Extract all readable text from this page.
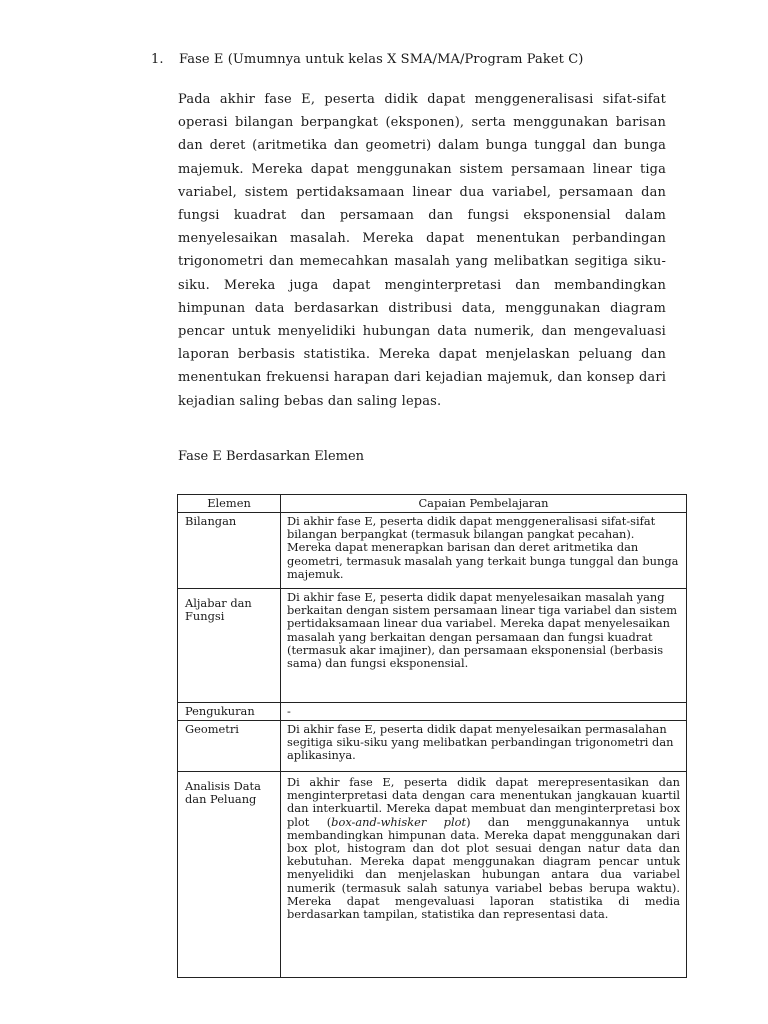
1. Fase E (Umumnya untuk kelas X SMA/MA/Program Paket C)
Pada akhir fase E, peserta didik dapat menggeneralisasi sifat-sifat operasi bilangan berpangkat (eksponen), serta menggunakan barisan dan deret (aritmetika dan geometri) dalam bunga tunggal dan bunga majemuk. Mereka dapat menggunakan sistem persamaan linear tiga variabel, sistem pertidaksamaan linear dua variabel, persamaan dan fungsi kuadrat dan persamaan dan fungsi eksponensial dalam menyelesaikan masalah. Mereka dapat menentukan perbandingan trigonometri dan memecahkan masalah yang melibatkan segitiga siku-siku. Mereka juga dapat menginterpretasi dan membandingkan himpunan data berdasarkan distribusi data, menggunakan diagram pencar untuk menyelidiki hubungan data numerik, dan mengevaluasi laporan berbasis statistika. Mereka dapat menjelaskan peluang dan menentukan frekuensi harapan dari kejadian majemuk, dan konsep dari kejadian saling bebas dan saling lepas.
Fase E Berdasarkan Elemen
Elemen	Capaian Pembelajaran
Bilangan	Di akhir fase E, peserta didik dapat menggeneralisasi sifat-sifat bilangan berpangkat (termasuk bilangan pangkat pecahan). Mereka dapat menerapkan barisan dan deret aritmetika dan geometri, termasuk masalah yang terkait bunga tunggal dan bunga majemuk.
Aljabar dan Fungsi	Di akhir fase E, peserta didik dapat menyelesaikan masalah yang berkaitan dengan sistem persamaan linear tiga variabel dan sistem pertidaksamaan linear dua variabel. Mereka dapat menyelesaikan masalah yang berkaitan dengan persamaan dan fungsi kuadrat (termasuk akar imajiner), dan persamaan eksponensial (berbasis sama) dan fungsi eksponensial.
Pengukuran	-
Geometri	Di akhir fase E, peserta didik dapat menyelesaikan permasalahan segitiga siku-siku yang melibatkan perbandingan trigonometri dan aplikasinya.
Analisis Data dan Peluang	Di akhir fase E, peserta didik dapat merepresentasikan dan menginterpretasi data dengan cara menentukan jangkauan kuartil dan interkuartil. Mereka dapat membuat dan menginterpretasi box plot (box-and-whisker plot) dan menggunakannya untuk membandingkan himpunan data. Mereka dapat menggunakan dari box plot, histogram dan dot plot sesuai dengan natur data dan kebutuhan. Mereka dapat menggunakan diagram pencar untuk menyelidiki dan menjelaskan hubungan antara dua variabel numerik (termasuk salah satunya variabel bebas berupa waktu). Mereka dapat mengevaluasi laporan statistika di media berdasarkan tampilan, statistika dan representasi data.
